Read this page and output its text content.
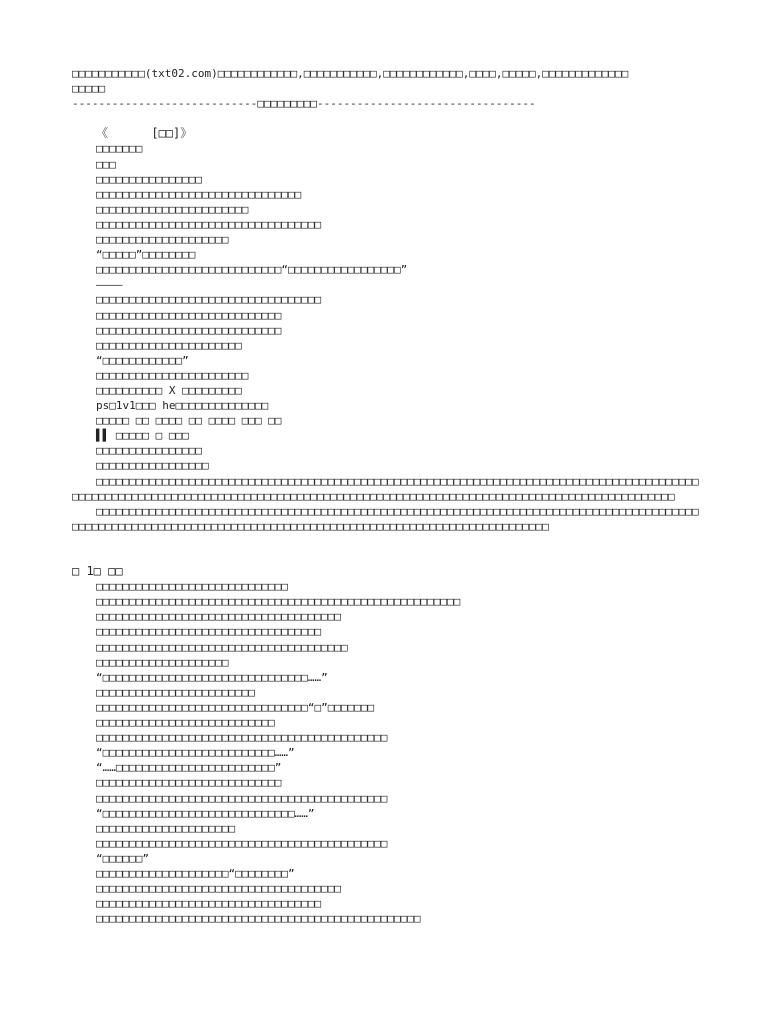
□□□□□□□□□□□(txt02.com)□□□□□□□□□□□□,□□□□□□□□□□□,□□□□□□□□□□□□,□□□□,□□□□□,□□□□□□□□□□□□□
□□□□□
----------------------------□□□□□□□□□---------------------------------
《      [□□]》
□□□□□□□
□□□
□□□□□□□□□□□□□□□□
□□□□□□□□□□□□□□□□□□□□□□□□□□□□□□□
□□□□□□□□□□□□□□□□□□□□□□□
□□□□□□□□□□□□□□□□□□□□□□□□□□□□□□□□□□
□□□□□□□□□□□□□□□□□□□□
“□□□□□”□□□□□□□□
□□□□□□□□□□□□□□□□□□□□□□□□□□□□“□□□□□□□□□□□□□□□□□”
————
□□□□□□□□□□□□□□□□□□□□□□□□□□□□□□□□□□
□□□□□□□□□□□□□□□□□□□□□□□□□□□□
□□□□□□□□□□□□□□□□□□□□□□□□□□□□
□□□□□□□□□□□□□□□□□□□□□□
“□□□□□□□□□□□□”
□□□□□□□□□□□□□□□□□□□□□□□
□□□□□□□□□□ X □□□□□□□□□
ps□1v1□□□ he□□□□□□□□□□□□□□
□□□□□ □□ □□□□ □□ □□□□ □□□ □□
▌▌ □□□□□ □ □□□
□□□□□□□□□□□□□□□□
□□□□□□□□□□□□□□□□□
□□□□□□□□□□□□□□□□□□□□□□□□□□□□□□□□□□□□□□□□□□□□□□□□□□□□□□□□□□□□□□□□□□□□□□□□□□□□□□□□□□□□□□□□□□□□□□□□□□□□□□□□□□□□□□□□□□□□□□□□□□□□□□□□□□□□□□□□□□□□□□□□□□□□□□□□□□□□□□□□□□□□□□□□□□□□□□□□□□□□□□
□□□□□□□□□□□□□□□□□□□□□□□□□□□□□□□□□□□□□□□□□□□□□□□□□□□□□□□□□□□□□□□□□□□□□□□□□□□□□□□□□□□□□□□□□□□□□□□□□□□□□□□□□□□□□□□□□□□□□□□□□□□□□□□□□□□□□□□□□□□□□□□□□□□□□□□□□□□□□□□□□□□
□ 1□ □□
□□□□□□□□□□□□□□□□□□□□□□□□□□□□□
□□□□□□□□□□□□□□□□□□□□□□□□□□□□□□□□□□□□□□□□□□□□□□□□□□□□□□□
□□□□□□□□□□□□□□□□□□□□□□□□□□□□□□□□□□□□□
□□□□□□□□□□□□□□□□□□□□□□□□□□□□□□□□□□
□□□□□□□□□□□□□□□□□□□□□□□□□□□□□□□□□□□□□□
□□□□□□□□□□□□□□□□□□□□
“□□□□□□□□□□□□□□□□□□□□□□□□□□□□□□□……”
□□□□□□□□□□□□□□□□□□□□□□□□
□□□□□□□□□□□□□□□□□□□□□□□□□□□□□□□□“□”□□□□□□□
□□□□□□□□□□□□□□□□□□□□□□□□□□□
□□□□□□□□□□□□□□□□□□□□□□□□□□□□□□□□□□□□□□□□□□□□
“□□□□□□□□□□□□□□□□□□□□□□□□□□……”
“……□□□□□□□□□□□□□□□□□□□□□□□□”
□□□□□□□□□□□□□□□□□□□□□□□□□□□□
□□□□□□□□□□□□□□□□□□□□□□□□□□□□□□□□□□□□□□□□□□□□
“□□□□□□□□□□□□□□□□□□□□□□□□□□□□□……”
□□□□□□□□□□□□□□□□□□□□□
□□□□□□□□□□□□□□□□□□□□□□□□□□□□□□□□□□□□□□□□□□□□
“□□□□□□”
□□□□□□□□□□□□□□□□□□□□“□□□□□□□□”
□□□□□□□□□□□□□□□□□□□□□□□□□□□□□□□□□□□□□
□□□□□□□□□□□□□□□□□□□□□□□□□□□□□□□□□□
□□□□□□□□□□□□□□□□□□□□□□□□□□□□□□□□□□□□□□□□□□□□□□□□□
